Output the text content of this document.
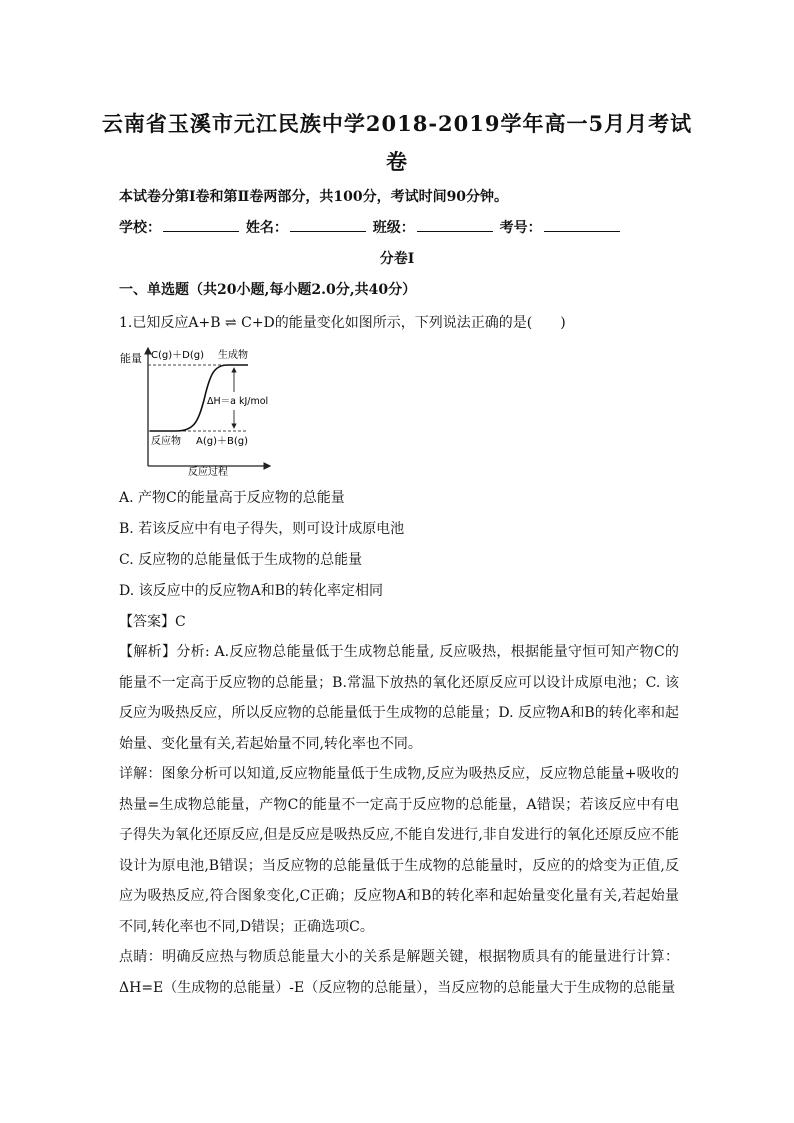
云南省玉溪市元江民族中学2018-2019学年高一5月月考试
卷
本试卷分第Ⅰ卷和第Ⅱ卷两部分，共100分，考试时间90分钟。
学校：	姓名：	班级：	考号：
分卷I
一、单选题（共20小题,每小题2.0分,共40分）
1.已知反应A+B ⇌ C+D的能量变化如图所示，下列说法正确的是(　　)
能量 C(g)＋D(g) 生成物
ΔH＝a kJ/mol
反应物 A(g)＋B(g)
反应过程
A. 产物C的能量高于反应物的总能量
B. 若该反应中有电子得失，则可设计成原电池
C. 反应物的总能量低于生成物的总能量
D. 该反应中的反应物A和B的转化率定相同
【答案】C
【解析】分析: A.反应物总能量低于生成物总能量, 反应吸热，根据能量守恒可知产物C的能量不一定高于反应物的总能量；B.常温下放热的氧化还原反应可以设计成原电池；C. 该反应为吸热反应，所以反应物的总能量低于生成物的总能量；D. 反应物A和B的转化率和起始量、变化量有关,若起始量不同,转化率也不同。
详解：图象分析可以知道,反应物能量低于生成物,反应为吸热反应，反应物总能量+吸收的热量=生成物总能量，产物C的能量不一定高于反应物的总能量，A错误；若该反应中有电子得失为氧化还原反应,但是反应是吸热反应,不能自发进行,非自发进行的氧化还原反应不能设计为原电池,B错误；当反应物的总能量低于生成物的总能量时，反应的的焓变为正值,反应为吸热反应,符合图象变化,C正确；反应物A和B的转化率和起始量变化量有关,若起始量不同,转化率也不同,D错误；正确选项C。
点睛：明确反应热与物质总能量大小的关系是解题关键，根据物质具有的能量进行计算：ΔH=E（生成物的总能量）-E（反应物的总能量），当反应物的总能量大于生成物的总能量
